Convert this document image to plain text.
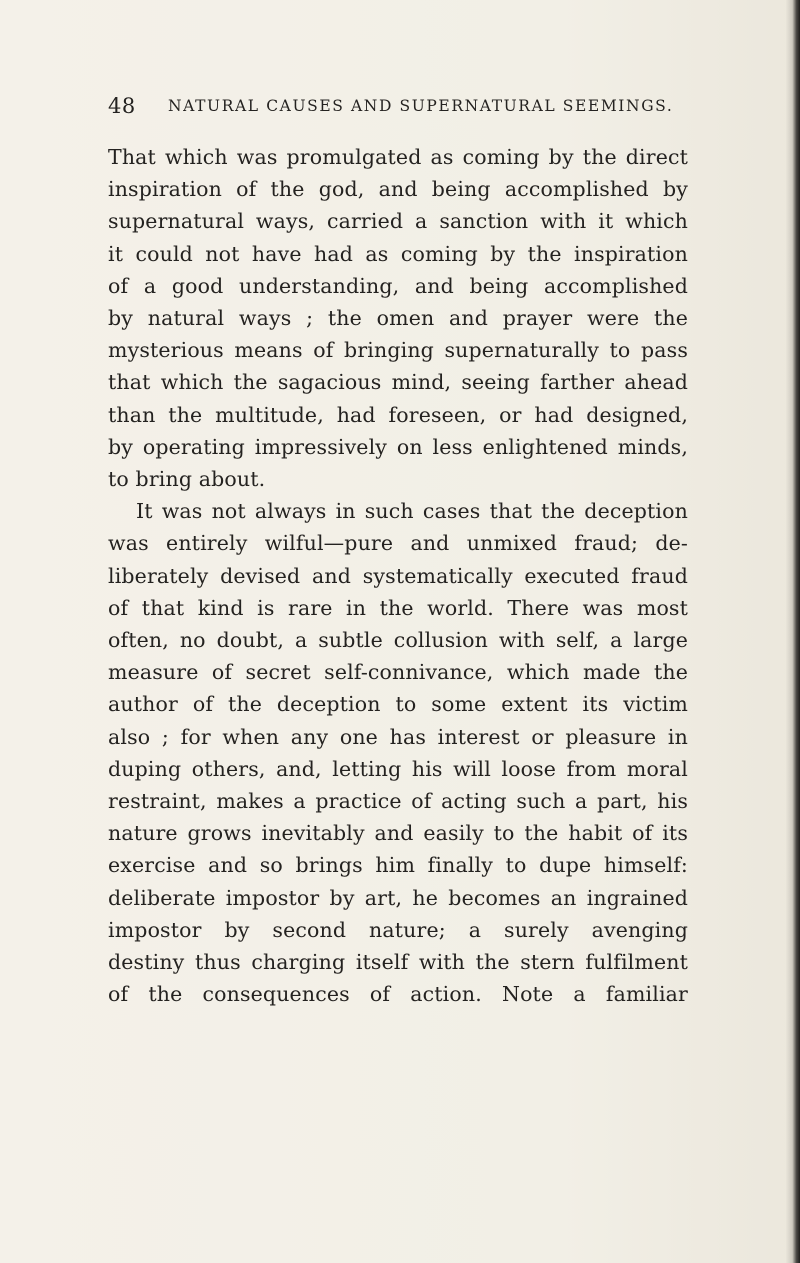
48	NATURAL CAUSES AND SUPERNATURAL SEEMINGS.

That which was promulgated as coming by the direct
inspiration of the god, and being accomplished by
supernatural ways, carried a sanction with it which
it could not have had as coming by the inspiration
of a good understanding, and being accomplished
by natural ways ; the omen and prayer were the
mysterious means of bringing supernaturally to pass
that which the sagacious mind, seeing farther ahead
than the multitude, had foreseen, or had designed,
by operating impressively on less enlightened minds,
to bring about.

It was not always in such cases that the deception
was entirely wilful—pure and unmixed fraud; de-
liberately devised and systematically executed fraud
of that kind is rare in the world. There was most
often, no doubt, a subtle collusion with self, a large
measure of secret self-connivance, which made the
author of the deception to some extent its victim
also ; for when any one has interest or pleasure in
duping others, and, letting his will loose from moral
restraint, makes a practice of acting such a part, his
nature grows inevitably and easily to the habit of its
exercise and so brings him finally to dupe himself:
deliberate impostor by art, he becomes an ingrained
impostor by second nature; a surely avenging
destiny thus charging itself with the stern fulfilment
of the consequences of action. Note a familiar
